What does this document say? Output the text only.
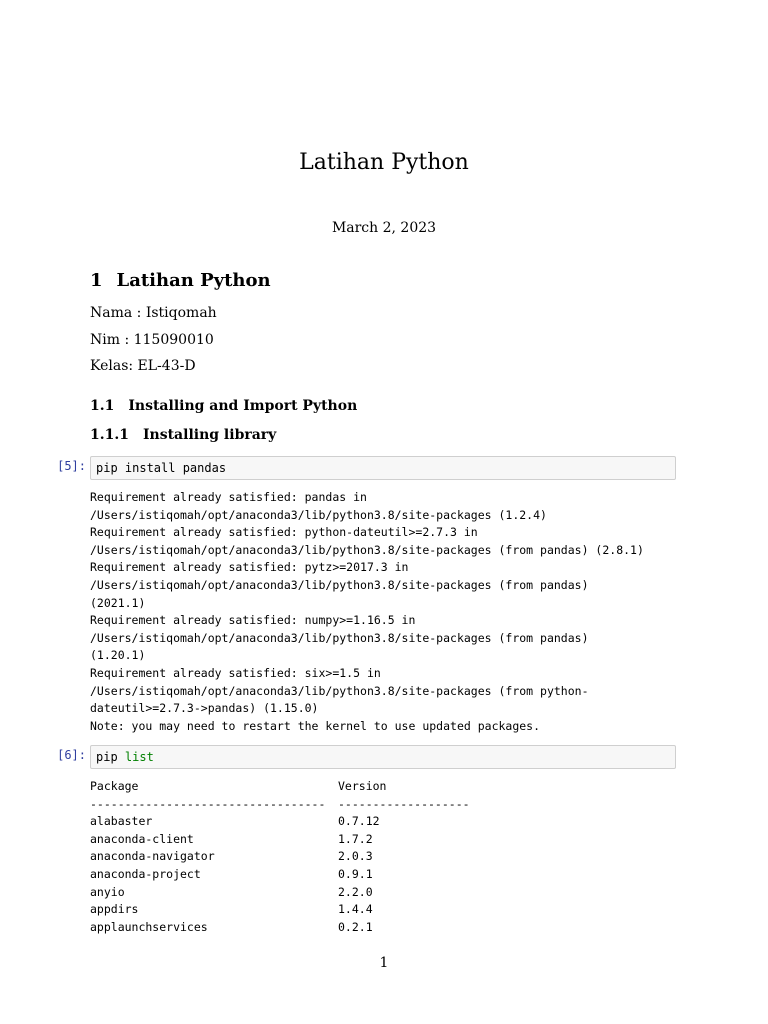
Latihan Python
March 2, 2023
1 Latihan Python
Nama : Istiqomah
Nim : 115090010
Kelas: EL-43-D
1.1 Installing and Import Python
1.1.1 Installing library
[5]: pip install pandas
Requirement already satisfied: pandas in
/Users/istiqomah/opt/anaconda3/lib/python3.8/site-packages (1.2.4)
Requirement already satisfied: python-dateutil>=2.7.3 in
/Users/istiqomah/opt/anaconda3/lib/python3.8/site-packages (from pandas) (2.8.1)
Requirement already satisfied: pytz>=2017.3 in
/Users/istiqomah/opt/anaconda3/lib/python3.8/site-packages (from pandas)
(2021.1)
Requirement already satisfied: numpy>=1.16.5 in
/Users/istiqomah/opt/anaconda3/lib/python3.8/site-packages (from pandas)
(1.20.1)
Requirement already satisfied: six>=1.5 in
/Users/istiqomah/opt/anaconda3/lib/python3.8/site-packages (from python-
dateutil>=2.7.3->pandas) (1.15.0)
Note: you may need to restart the kernel to use updated packages.
[6]: pip list
Package	Version
----------------------------------	-------------------
alabaster	0.7.12
anaconda-client	1.7.2
anaconda-navigator	2.0.3
anaconda-project	0.9.1
anyio	2.2.0
appdirs	1.4.4
applaunchservices	0.2.1
1
